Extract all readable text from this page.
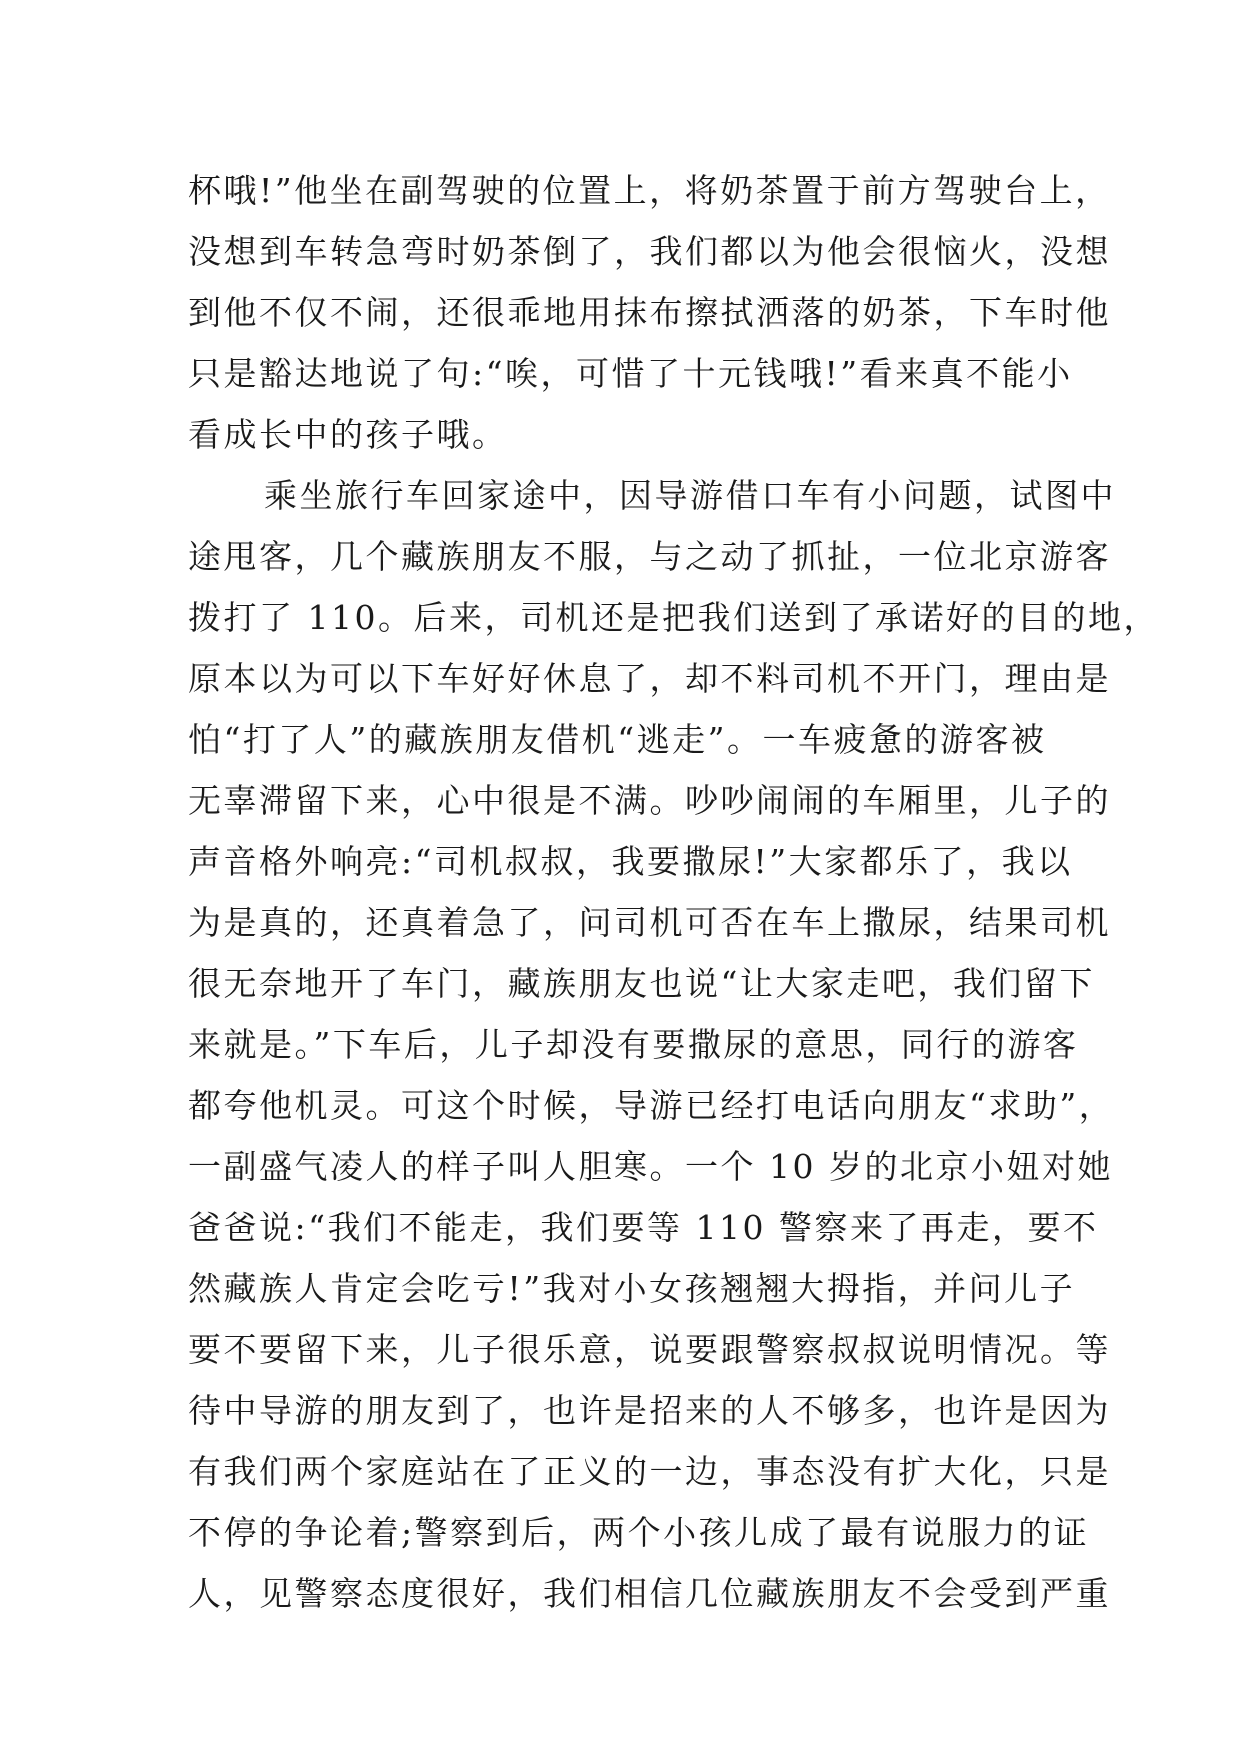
杯哦!”他坐在副驾驶的位置上，将奶茶置于前方驾驶台上，
没想到车转急弯时奶茶倒了，我们都以为他会很恼火，没想
到他不仅不闹，还很乖地用抹布擦拭洒落的奶茶，下车时他
只是豁达地说了句:“唉，可惜了十元钱哦!”看来真不能小
看成长中的孩子哦。
乘坐旅行车回家途中，因导游借口车有小问题，试图中
途甩客，几个藏族朋友不服，与之动了抓扯，一位北京游客
拨打了 110。后来，司机还是把我们送到了承诺好的目的地，
原本以为可以下车好好休息了，却不料司机不开门，理由是
怕“打了人”的藏族朋友借机“逃走”。一车疲惫的游客被
无辜滞留下来，心中很是不满。吵吵闹闹的车厢里，儿子的
声音格外响亮:“司机叔叔，我要撒尿!”大家都乐了，我以
为是真的，还真着急了，问司机可否在车上撒尿，结果司机
很无奈地开了车门，藏族朋友也说“让大家走吧，我们留下
来就是。”下车后，儿子却没有要撒尿的意思，同行的游客
都夸他机灵。可这个时候，导游已经打电话向朋友“求助”，
一副盛气凌人的样子叫人胆寒。一个 10 岁的北京小妞对她
爸爸说:“我们不能走，我们要等 110 警察来了再走，要不
然藏族人肯定会吃亏!”我对小女孩翘翘大拇指，并问儿子
要不要留下来，儿子很乐意，说要跟警察叔叔说明情况。等
待中导游的朋友到了，也许是招来的人不够多，也许是因为
有我们两个家庭站在了正义的一边，事态没有扩大化，只是
不停的争论着;警察到后，两个小孩儿成了最有说服力的证
人，见警察态度很好，我们相信几位藏族朋友不会受到严重
